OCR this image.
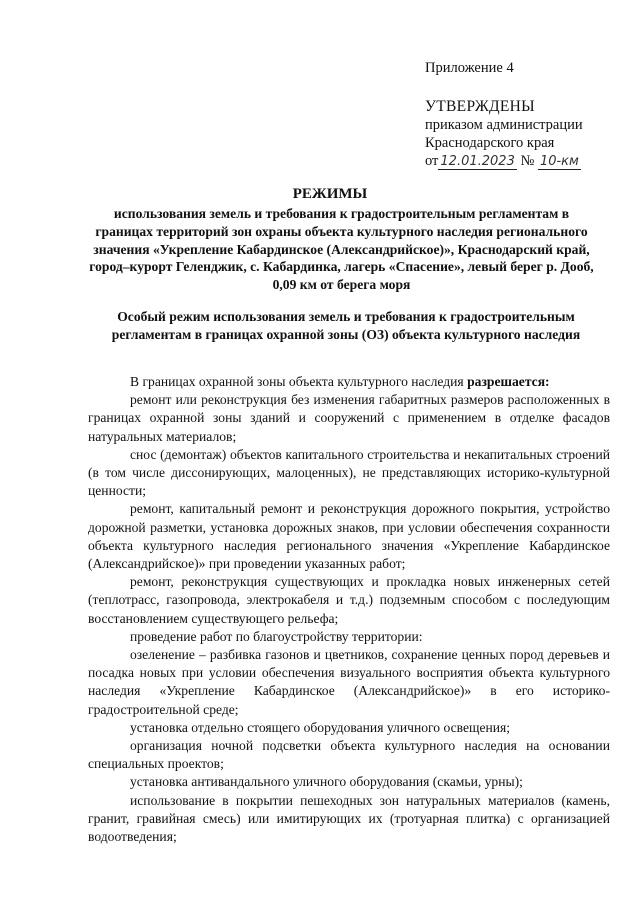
Приложение 4
УТВЕРЖДЕНЫ
приказом администрации
Краснодарского края
от 12.01.2023 № 10-км
РЕЖИМЫ
использования земель и требования к градостроительным регламентам в границах территорий зон охраны объекта культурного наследия регионального значения «Укрепление Кабардинское (Александрийское)», Краснодарский край, город–курорт Геленджик, с. Кабардинка, лагерь «Спасение», левый берег р. Дооб, 0,09 км от берега моря
Особый режим использования земель и требования к градостроительным регламентам в границах охранной зоны (ОЗ) объекта культурного наследия

В границах охранной зоны объекта культурного наследия разрешается:

ремонт или реконструкция без изменения габаритных размеров расположенных в границах охранной зоны зданий и сооружений с применением в отделке фасадов натуральных материалов;

снос (демонтаж) объектов капитального строительства и некапитальных строений (в том числе диссонирующих, малоценных), не представляющих историко-культурной ценности;

ремонт, капитальный ремонт и реконструкция дорожного покрытия, устройство дорожной разметки, установка дорожных знаков, при условии обеспечения сохранности объекта культурного наследия регионального значения «Укрепление Кабардинское (Александрийское)» при проведении указанных работ;

ремонт, реконструкция существующих и прокладка новых инженерных сетей (теплотрасс, газопровода, электрокабеля и т.д.) подземным способом с последующим восстановлением существующего рельефа;

проведение работ по благоустройству территории:

озеленение – разбивка газонов и цветников, сохранение ценных пород деревьев и посадка новых при условии обеспечения визуального восприятия объекта культурного наследия «Укрепление Кабардинское (Александрийское)» в его историко-градостроительной среде;

установка отдельно стоящего оборудования уличного освещения;

организация ночной подсветки объекта культурного наследия на основании специальных проектов;

установка антивандального уличного оборудования (скамьи, урны);

использование в покрытии пешеходных зон натуральных материалов (камень, гранит, гравийная смесь) или имитирующих их (тротуарная плитка) с организацией водоотведения;
